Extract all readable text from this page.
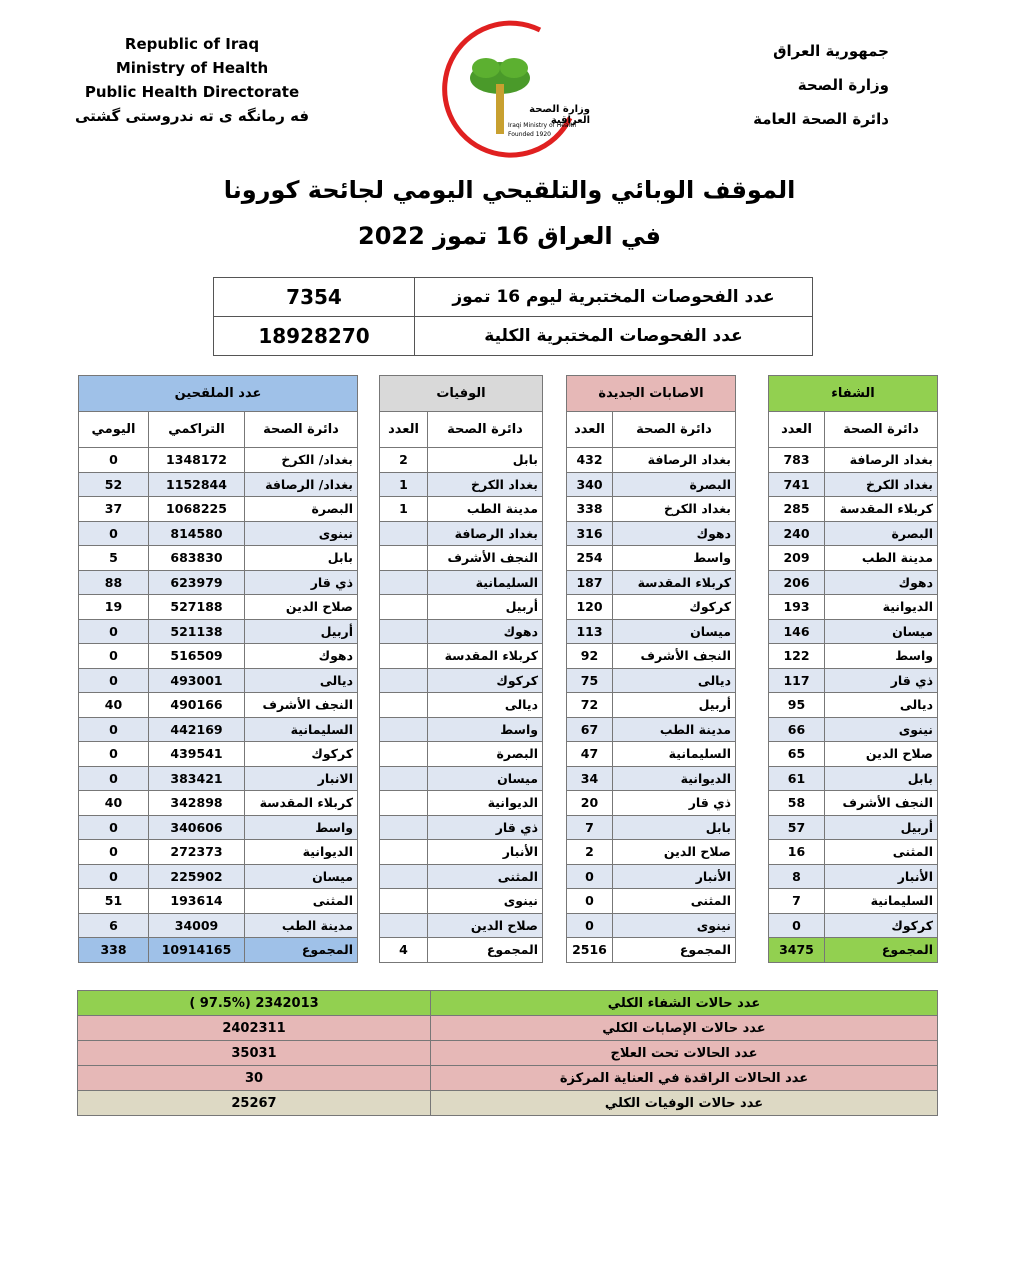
Republic of Iraq
Ministry of Health
Public Health Directorate
فه رمانگه ى ته ندروستى گشتى	وزارة الصحة العراقية
Iraqi Ministry of Health
Founded 1920
جمهورية العراق
وزارة الصحة
دائرة الصحة العامة
الموقف الوبائي والتلقيحي اليومي لجائحة كورونا
في العراق 16 تموز 2022
7354	عدد الفحوصات المختبرية ليوم 16 تموز
18928270	عدد الفحوصات المختبرية الكلية
الشفاء	
العدد	دائرة الصحة
783	بغداد الرصافة
741	بغداد الكرخ
285	كربلاء المقدسة
240	البصرة
209	مدينة الطب
206	دهوك
193	الديوانية
146	ميسان
122	واسط
117	ذي قار
95	ديالى
66	نينوى
65	صلاح الدين
61	بابل
58	النجف الأشرف
57	أربيل
16	المثنى
8	الأنبار
7	السليمانية
0	كركوك
3475	المجموع
الاصابات الجديدة	
العدد	دائرة الصحة
432	بغداد الرصافة
340	البصرة
338	بغداد الكرخ
316	دهوك
254	واسط
187	كربلاء المقدسة
120	كركوك
113	ميسان
92	النجف الأشرف
75	ديالى
72	أربيل
67	مدينة الطب
47	السليمانية
34	الديوانية
20	ذي قار
7	بابل
2	صلاح الدين
0	الأنبار
0	المثنى
0	نينوى
2516	المجموع
الوفيات	
العدد	دائرة الصحة
2	بابل
1	بغداد الكرخ
1	مدينة الطب
	بغداد الرصافة
	النجف الأشرف
	السليمانية
	أربيل
	دهوك
	كربلاء المقدسة
	كركوك
	ديالى
	واسط
	البصرة
	ميسان
	الديوانية
	ذي قار
	الأنبار
	المثنى
	نينوى
	صلاح الدين
4	المجموع
عدد الملقحين		
اليومي	التراكمي	دائرة الصحة
0	1348172	بغداد/ الكرخ
52	1152844	بغداد/ الرصافة
37	1068225	البصرة
0	814580	نينوى
5	683830	بابل
88	623979	ذي قار
19	527188	صلاح الدين
0	521138	أربيل
0	516509	دهوك
0	493001	ديالى
40	490166	النجف الأشرف
0	442169	السليمانية
0	439541	كركوك
0	383421	الانبار
40	342898	كربلاء المقدسة
0	340606	واسط
0	272373	الديوانية
0	225902	ميسان
51	193614	المثنى
6	34009	مدينة الطب
338	10914165	المجموع
( 97.5%) 2342013	عدد حالات الشفاء الكلي
2402311	عدد حالات الإصابات الكلي
35031	عدد الحالات تحت العلاج
30	عدد الحالات الراقدة في العناية المركزة
25267	عدد حالات الوفيات الكلي
